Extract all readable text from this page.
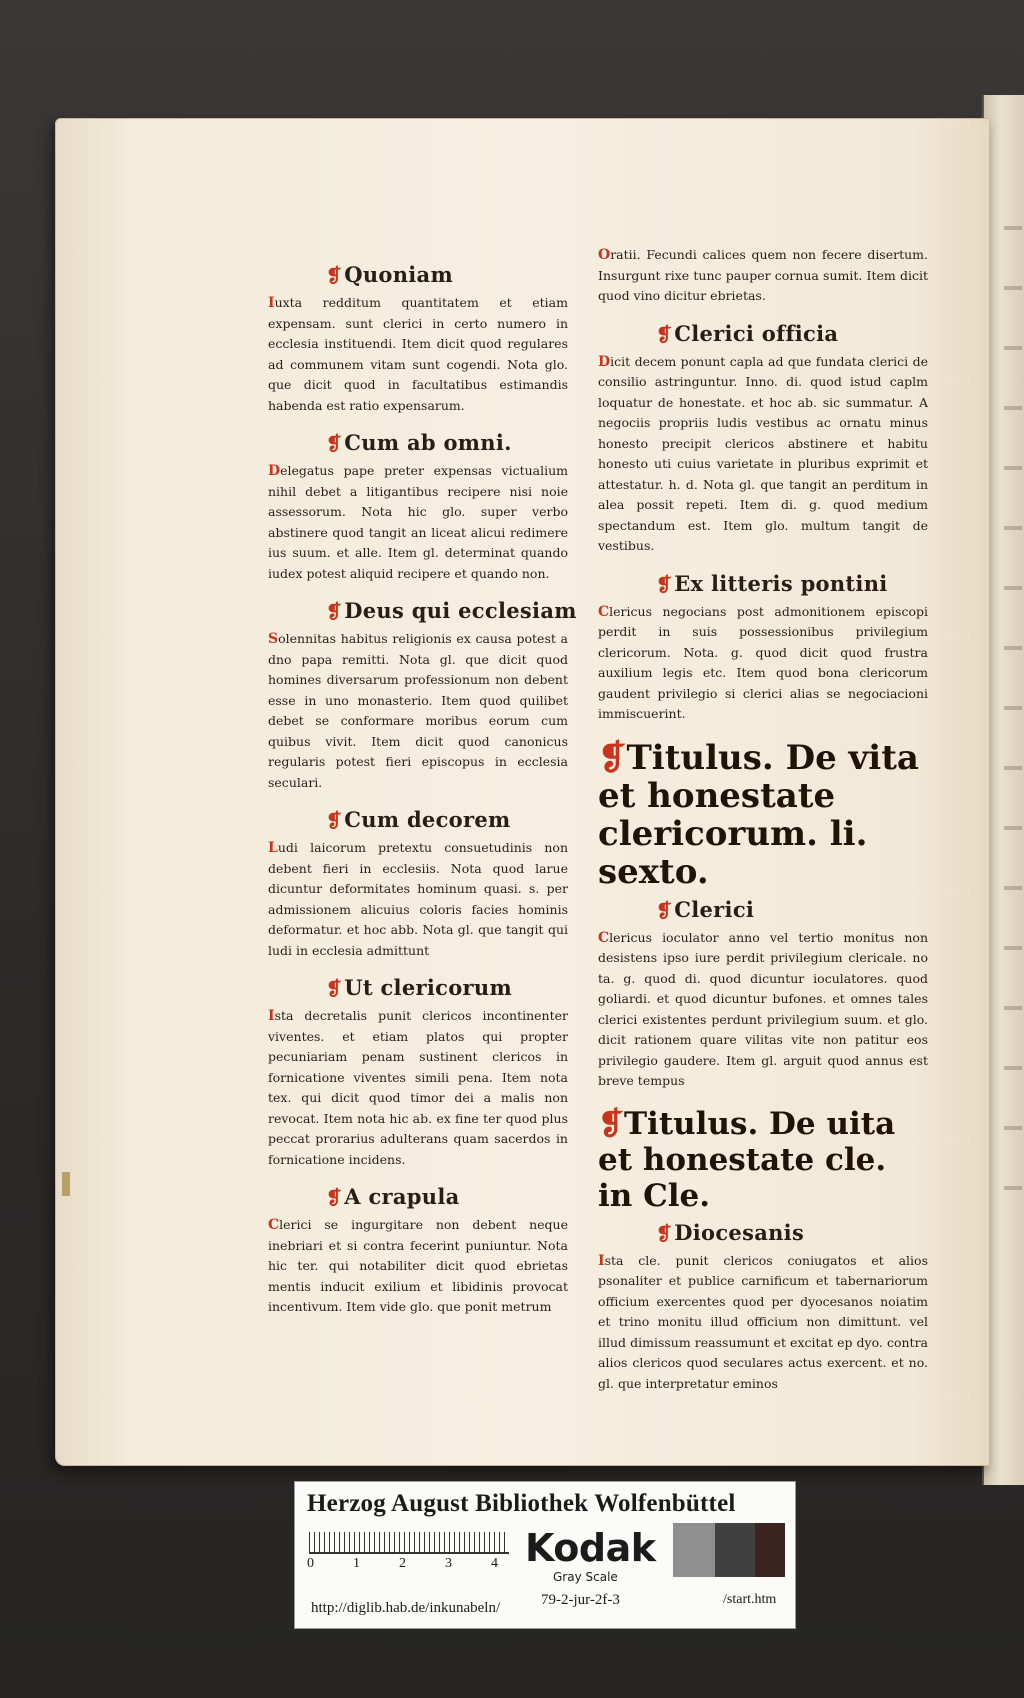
❡ Quoniam

Iuxta redditum quantitatem et etiam expensam. sunt clerici in certo numero in ecclesia instituendi. Item dicit quod regulares ad communem vitam sunt cogendi. Nota glo. que dicit quod in facultatibus estimandis habenda est ratio expensarum.

❡ Cum ab omni.

Delegatus pape preter expensas victualium nihil debet a litigantibus recipere nisi noie assessorum. Nota hic glo. super verbo abstinere quod tangit an liceat alicui redimere ius suum. et alle. Item gl. determinat quando iudex potest aliquid recipere et quando non.

❡ Deus qui ecclesiam

Solennitas habitus religionis ex causa potest a dno papa remitti. Nota gl. que dicit quod homines diversarum professionum non debent esse in uno monasterio. Item quod quilibet debet se conformare moribus eorum cum quibus vivit. Item dicit quod canonicus regularis potest fieri episcopus in ecclesia seculari.

❡ Cum decorem

Ludi laicorum pretextu consuetudinis non debent fieri in ecclesiis. Nota quod larue dicuntur deformitates hominum quasi. s. per admissionem alicuius coloris facies hominis deformatur. et hoc abb. Nota gl. que tangit qui ludi in ecclesia admittunt

❡ Ut clericorum

Ista decretalis punit clericos incontinenter viventes. et etiam platos qui propter pecuniariam penam sustinent clericos in fornicatione viventes simili pena. Item nota tex. qui dicit quod timor dei a malis non revocat. Item nota hic ab. ex fine ter quod plus peccat prorarius adulterans quam sacerdos in fornicatione incidens.

❡ A crapula

Clerici se ingurgitare non debent neque inebriari et si contra fecerint puniuntur. Nota hic ter. qui notabiliter dicit quod ebrietas mentis inducit exilium et libidinis provocat incentivum. Item vide glo. que ponit metrum

Oratii. Fecundi calices quem non fecere disertum. Insurgunt rixe tunc pauper cornua sumit. Item dicit quod vino dicitur ebrietas.

❡ Clerici officia

Dicit decem ponunt capla ad que fundata clerici de consilio astringuntur. Inno. di. quod istud caplm loquatur de honestate. et hoc ab. sic summatur. A negociis propriis ludis vestibus ac ornatu minus honesto precipit clericos abstinere et habitu honesto uti cuius varietate in pluribus exprimit et attestatur. h. d. Nota gl. que tangit an perditum in alea possit repeti. Item di. g. quod medium spectandum est. Item glo. multum tangit de vestibus.

❡ Ex litteris pontini

Clericus negocians post admonitionem episcopi perdit in suis possessionibus privilegium clericorum. Nota. g. quod dicit quod frustra auxilium legis etc. Item quod bona clericorum gaudent privilegio si clerici alias se negociacioni immiscuerint.

❡Titulus. De vita et honestate clericorum. li. sexto.
❡ Clerici

Clericus ioculator anno vel tertio monitus non desistens ipso iure perdit privilegium clericale. no ta. g. quod di. quod dicuntur ioculatores. quod goliardi. et quod dicuntur bufones. et omnes tales clerici existentes perdunt privilegium suum. et glo. dicit rationem quare vilitas vite non patitur eos privilegio gaudere. Item gl. arguit quod annus est breve tempus

❡Titulus. De uita et honestate cle. in Cle.
❡ Diocesanis

Ista cle. punit clericos coniugatos et alios psonaliter et publice carnificum et tabernariorum officium exercentes quod per dyocesanos noiatim et trino monitu illud officium non dimittunt. vel illud dimissum reassumunt et excitat ep dyo. contra alios clericos quod seculares actus exercent. et no. gl. que interpretatur eminos

Herzog August Bibliothek Wolfenbüttel
0	1	2	3	4 Kodak
Gray Scale
http://diglib.hab.de/inkunabeln/	79-2-jur-2f-3	/start.htm
